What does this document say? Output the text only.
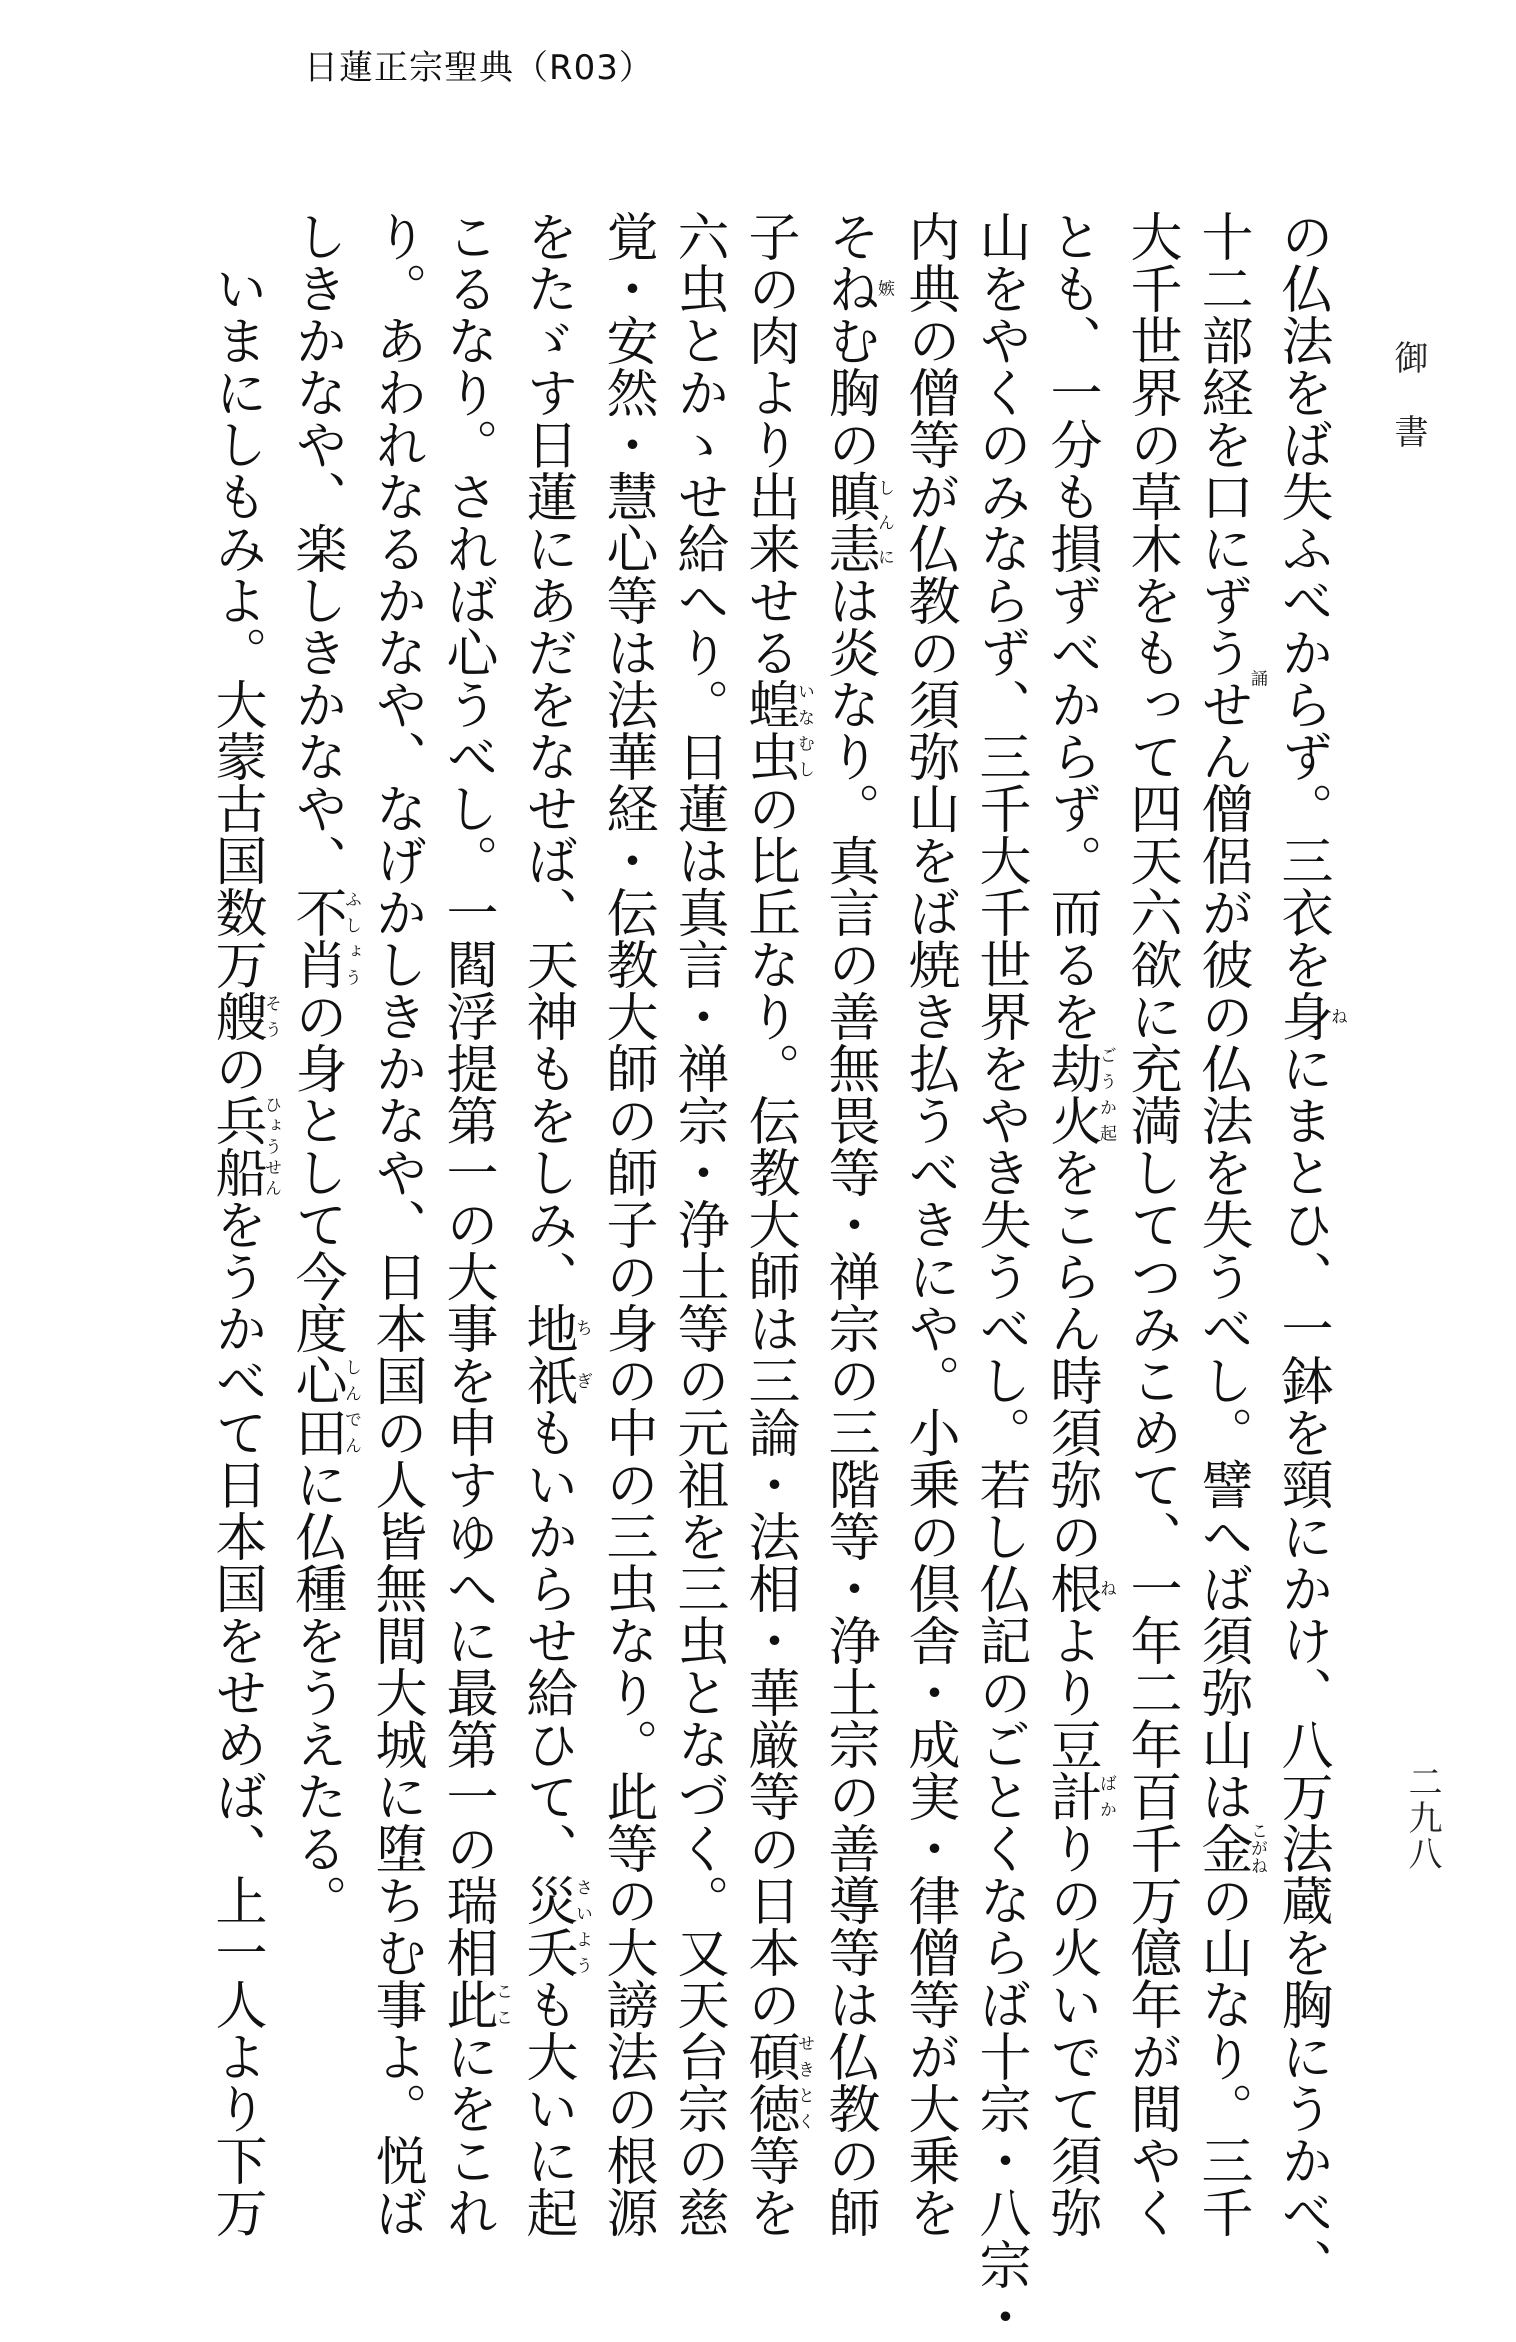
日蓮正宗聖典（R03）
御書
二九八

の仏法をば失ふべからず。三衣を身ねにまとひ、一鉢を頸にかけ、八万法蔵を胸にうかべ、

十二部経を口にずうせん誦僧侶が彼の仏法を失うべし。譬へば須弥山は金こがねの山なり。三千

大千世界の草木をもって四天六欲に充満してつみこめて、一年二年百千万億年が間やく

とも、一分も損ずべからず。而るを劫火ごうか起をこらん時須弥の根ねより豆計ばかりの火いでて須弥

山をやくのみならず、三千大千世界をやき失うべし。若し仏記のごとくならば十宗・八宗・

内典の僧等が仏教の須弥山をば焼き払うべきにや。小乗の倶舎・成実・律僧等が大乗を

そねむ嫉胸の瞋恚しんには炎なり。真言の善無畏等・禅宗の三階等・浄土宗の善導等は仏教の師

子の肉より出来せる蝗虫いなむしの比丘なり。伝教大師は三論・法相・華厳等の日本の碩徳せきとく等を

六虫とかゝせ給へり。日蓮は真言・禅宗・浄土等の元祖を三虫となづく。又天台宗の慈

覚・安然・慧心等は法華経・伝教大師の師子の身の中の三虫なり。此等の大謗法の根源

をたゞす日蓮にあだをなせば、天神もをしみ、地祇ちぎもいからせ給ひて、災夭さいようも大いに起

こるなり。されば心うべし。一閻浮提第一の大事を申すゆへに最第一の瑞相此ここにをこれ

り。あわれなるかなや、なげかしきかなや、日本国の人皆無間大城に堕ちむ事よ。悦ば

しきかなや、楽しきかなや、不肖ふしょうの身として今度心田しんでんに仏種をうえたる。

いまにしもみよ。大蒙古国数万艘そうの兵船ひょうせんをうかべて日本国をせめば、上一人より下万
